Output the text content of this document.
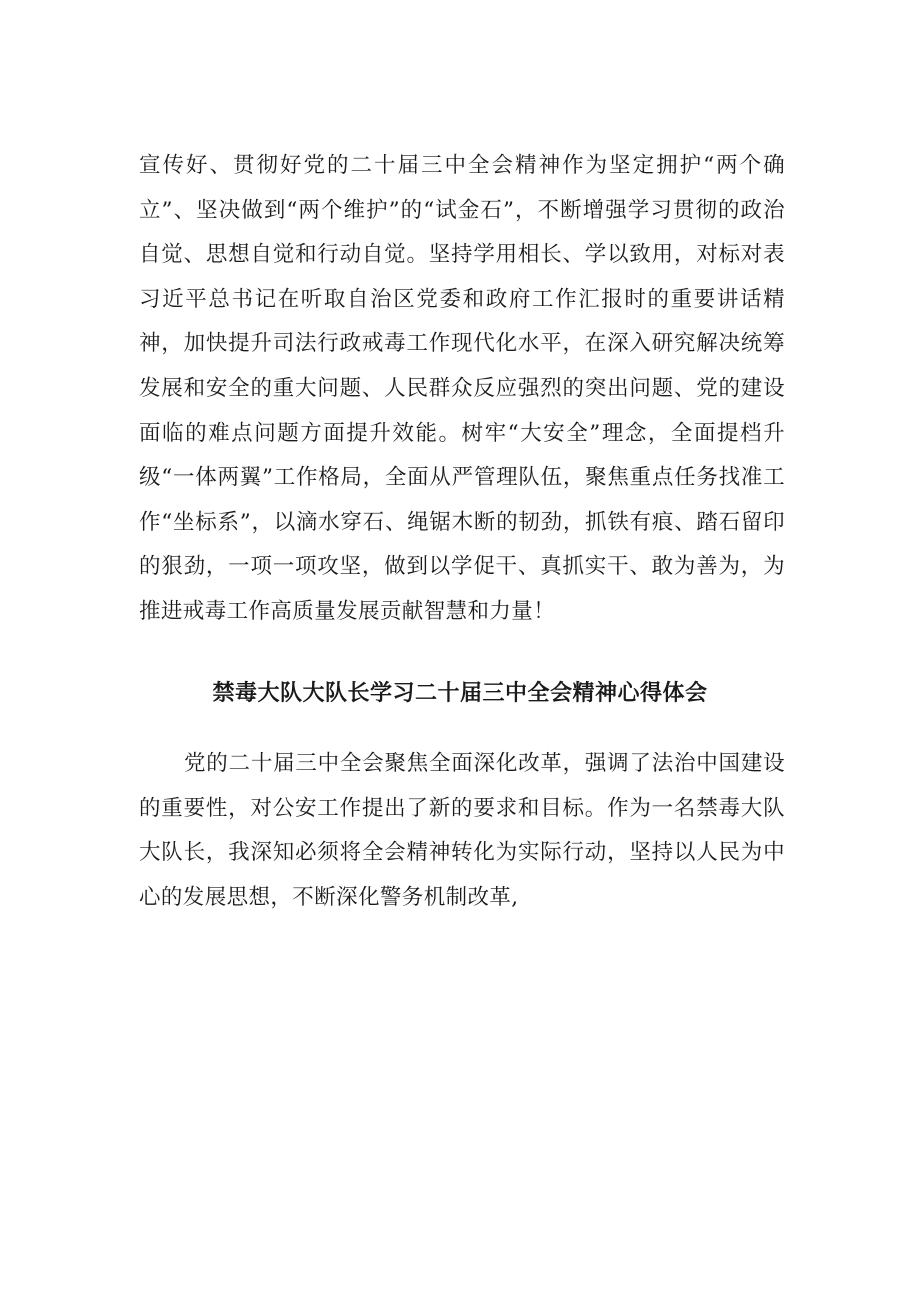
宣传好、贯彻好党的二十届三中全会精神作为坚定拥护“两个确立”、坚决做到“两个维护”的“试金石”，不断增强学习贯彻的政治自觉、思想自觉和行动自觉。坚持学用相长、学以致用，对标对表习近平总书记在听取自治区党委和政府工作汇报时的重要讲话精神，加快提升司法行政戒毒工作现代化水平，在深入研究解决统筹发展和安全的重大问题、人民群众反应强烈的突出问题、党的建设面临的难点问题方面提升效能。树牢“大安全”理念，全面提档升级“一体两翼”工作格局，全面从严管理队伍，聚焦重点任务找准工作“坐标系”，以滴水穿石、绳锯木断的韧劲，抓铁有痕、踏石留印的狠劲，一项一项攻坚，做到以学促干、真抓实干、敢为善为，为推进戒毒工作高质量发展贡献智慧和力量！

禁毒大队大队长学习二十届三中全会精神心得体会

党的二十届三中全会聚焦全面深化改革，强调了法治中国建设的重要性，对公安工作提出了新的要求和目标。作为一名禁毒大队大队长，我深知必须将全会精神转化为实际行动，坚持以人民为中心的发展思想，不断深化警务机制改革,
